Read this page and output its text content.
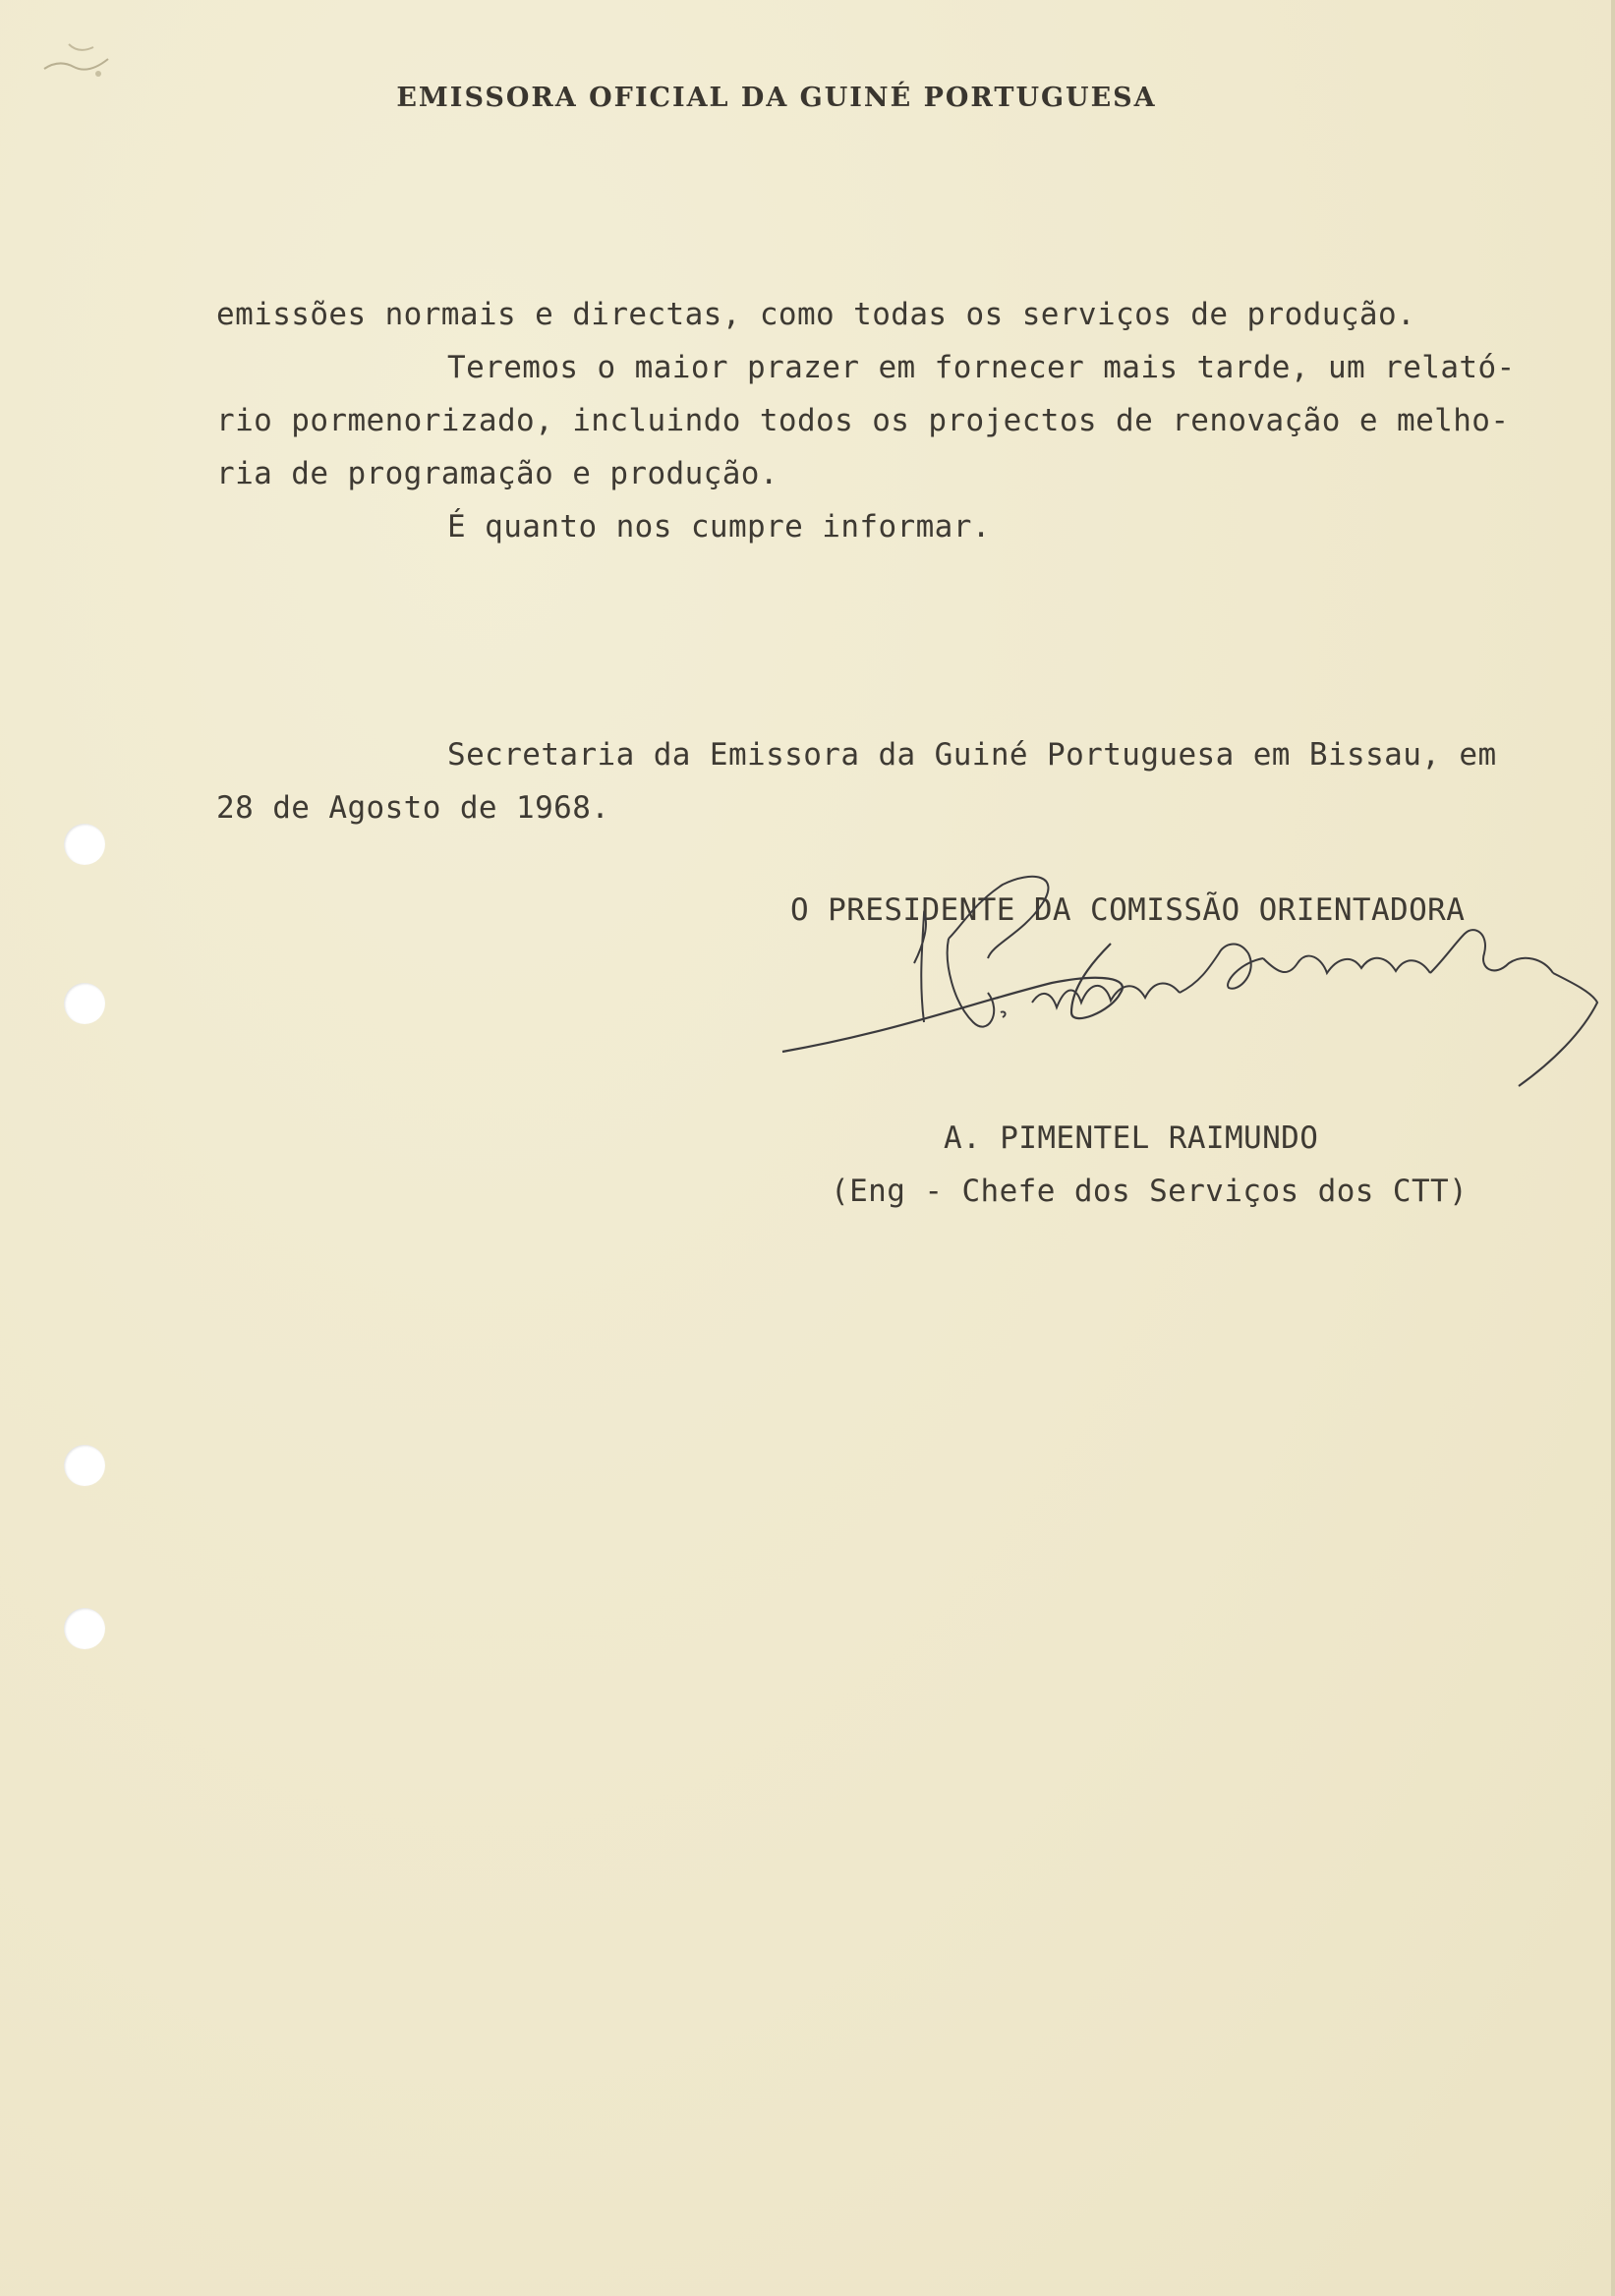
EMISSORA OFICIAL DA GUINÉ PORTUGUESA
emissões normais e directas, como todas os serviços de produção.
Teremos o maior prazer em fornecer mais tarde, um relató-
rio pormenorizado, incluindo todos os projectos de renovação e melho-
ria de programação e produção.
É quanto nos cumpre informar.
Secretaria da Emissora da Guiné Portuguesa em Bissau, em
28 de Agosto de 1968.
O PRESIDENTE DA COMISSÃO ORIENTADORA
A. PIMENTEL RAIMUNDO
(Eng - Chefe dos Serviços dos CTT)
